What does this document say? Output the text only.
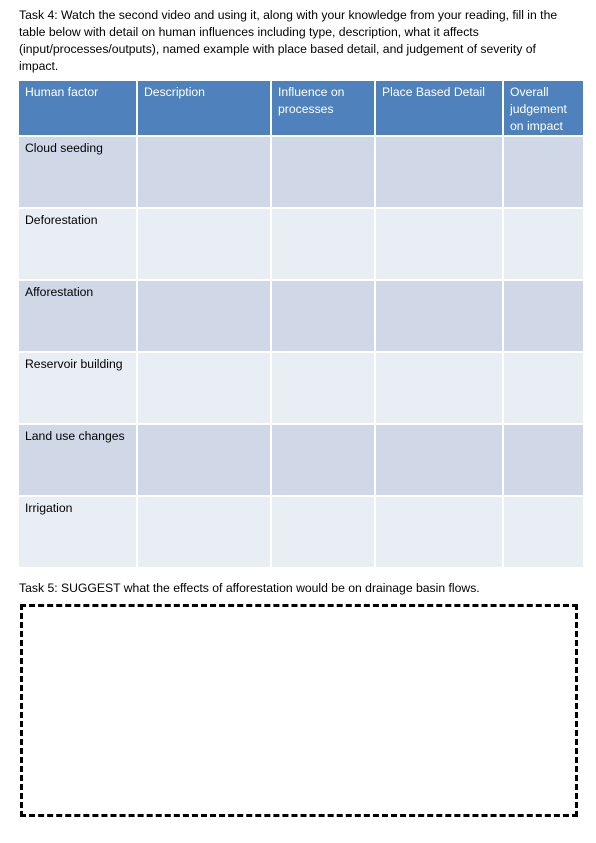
Task 4: Watch the second video and using it, along with your knowledge from your reading, fill in the table below with detail on human influences including type, description, what it affects (input/processes/outputs), named example with place based detail, and judgement of severity of impact.

Human factor	Description	Influence on processes	Place Based Detail	Overall judgement on impact
Cloud seeding				
Deforestation				
Afforestation				
Reservoir building				
Land use changes				
Irrigation				

Task 5: SUGGEST what the effects of afforestation would be on drainage basin flows.
